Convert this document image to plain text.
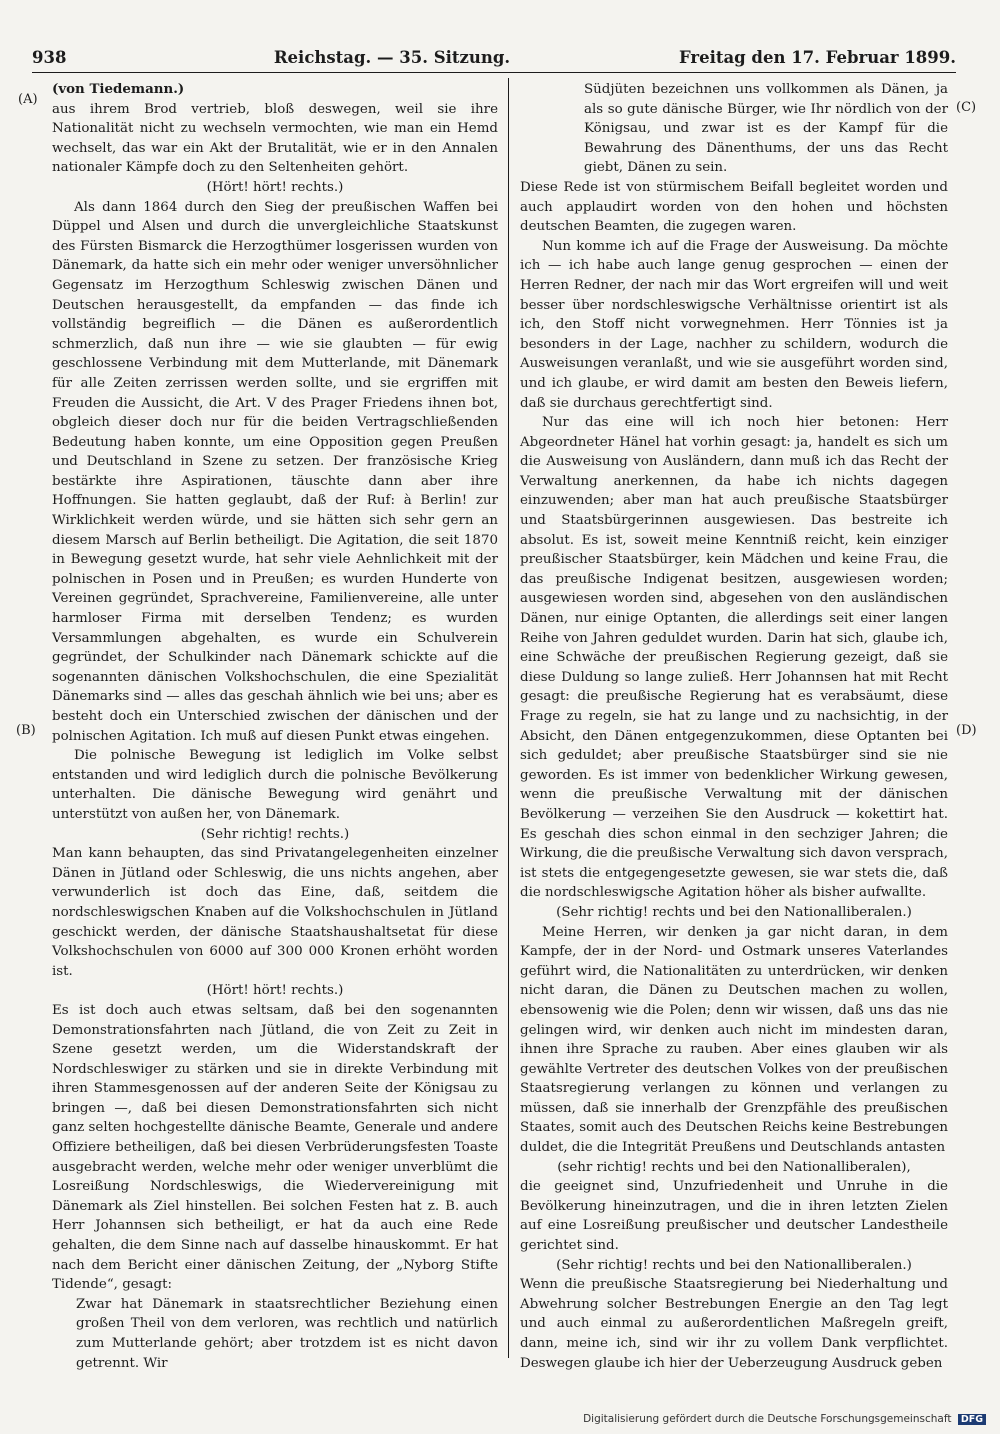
938	Reichstag. — 35. Sitzung.	Freitag den 17. Februar 1899.
(A)
(B)
(C)
(D)

(von Tiedemann.)

aus ihrem Brod vertrieb, bloß deswegen, weil sie ihre Nationalität nicht zu wechseln vermochten, wie man ein Hemd wechselt, das war ein Akt der Brutalität, wie er in den Annalen nationaler Kämpfe doch zu den Seltenheiten gehört.

(Hört! hört! rechts.)

Als dann 1864 durch den Sieg der preußischen Waffen bei Düppel und Alsen und durch die unvergleichliche Staatskunst des Fürsten Bismarck die Herzogthümer losgerissen wurden von Dänemark, da hatte sich ein mehr oder weniger unversöhnlicher Gegensatz im Herzogthum Schleswig zwischen Dänen und Deutschen herausgestellt, da empfanden — das finde ich vollständig begreiflich — die Dänen es außerordentlich schmerzlich, daß nun ihre — wie sie glaubten — für ewig geschlossene Verbindung mit dem Mutterlande, mit Dänemark für alle Zeiten zerrissen werden sollte, und sie ergriffen mit Freuden die Aussicht, die Art. V des Prager Friedens ihnen bot, obgleich dieser doch nur für die beiden Vertragschließenden Bedeutung haben konnte, um eine Opposition gegen Preußen und Deutschland in Szene zu setzen. Der französische Krieg bestärkte ihre Aspirationen, täuschte dann aber ihre Hoffnungen. Sie hatten geglaubt, daß der Ruf: à Berlin! zur Wirklichkeit werden würde, und sie hätten sich sehr gern an diesem Marsch auf Berlin betheiligt. Die Agitation, die seit 1870 in Bewegung gesetzt wurde, hat sehr viele Aehnlichkeit mit der polnischen in Posen und in Preußen; es wurden Hunderte von Vereinen gegründet, Sprachvereine, Familienvereine, alle unter harmloser Firma mit derselben Tendenz; es wurden Versammlungen abgehalten, es wurde ein Schulverein gegründet, der Schulkinder nach Dänemark schickte auf die sogenannten dänischen Volkshochschulen, die eine Spezialität Dänemarks sind — alles das geschah ähnlich wie bei uns; aber es besteht doch ein Unterschied zwischen der dänischen und der polnischen Agitation. Ich muß auf diesen Punkt etwas eingehen.

Die polnische Bewegung ist lediglich im Volke selbst entstanden und wird lediglich durch die polnische Bevölkerung unterhalten. Die dänische Bewegung wird genährt und unterstützt von außen her, von Dänemark.

(Sehr richtig! rechts.)

Man kann behaupten, das sind Privatangelegenheiten einzelner Dänen in Jütland oder Schleswig, die uns nichts angehen, aber verwunderlich ist doch das Eine, daß, seitdem die nordschleswigschen Knaben auf die Volkshochschulen in Jütland geschickt werden, der dänische Staatshaushaltsetat für diese Volkshochschulen von 6000 auf 300 000 Kronen erhöht worden ist.

(Hört! hört! rechts.)

Es ist doch auch etwas seltsam, daß bei den sogenannten Demonstrationsfahrten nach Jütland, die von Zeit zu Zeit in Szene gesetzt werden, um die Widerstandskraft der Nordschleswiger zu stärken und sie in direkte Verbindung mit ihren Stammesgenossen auf der anderen Seite der Königsau zu bringen —, daß bei diesen Demonstrationsfahrten sich nicht ganz selten hochgestellte dänische Beamte, Generale und andere Offiziere betheiligen, daß bei diesen Verbrüderungsfesten Toaste ausgebracht werden, welche mehr oder weniger unverblümt die Losreißung Nordschleswigs, die Wiedervereinigung mit Dänemark als Ziel hinstellen. Bei solchen Festen hat z. B. auch Herr Johannsen sich betheiligt, er hat da auch eine Rede gehalten, die dem Sinne nach auf dasselbe hinauskommt. Er hat nach dem Bericht einer dänischen Zeitung, der „Nyborg Stifte Tidende“, gesagt:

Zwar hat Dänemark in staatsrechtlicher Beziehung einen großen Theil von dem verloren, was rechtlich und natürlich zum Mutterlande gehört; aber trotzdem ist es nicht davon getrennt. Wir

Südjüten bezeichnen uns vollkommen als Dänen, ja als so gute dänische Bürger, wie Ihr nördlich von der Königsau, und zwar ist es der Kampf für die Bewahrung des Dänenthums, der uns das Recht giebt, Dänen zu sein.

Diese Rede ist von stürmischem Beifall begleitet worden und auch applaudirt worden von den hohen und höchsten deutschen Beamten, die zugegen waren.

Nun komme ich auf die Frage der Ausweisung. Da möchte ich — ich habe auch lange genug gesprochen — einen der Herren Redner, der nach mir das Wort ergreifen will und weit besser über nordschleswigsche Verhältnisse orientirt ist als ich, den Stoff nicht vorwegnehmen. Herr Tönnies ist ja besonders in der Lage, nachher zu schildern, wodurch die Ausweisungen veranlaßt, und wie sie ausgeführt worden sind, und ich glaube, er wird damit am besten den Beweis liefern, daß sie durchaus gerechtfertigt sind.

Nur das eine will ich noch hier betonen: Herr Abgeordneter Hänel hat vorhin gesagt: ja, handelt es sich um die Ausweisung von Ausländern, dann muß ich das Recht der Verwaltung anerkennen, da habe ich nichts dagegen einzuwenden; aber man hat auch preußische Staatsbürger und Staatsbürgerinnen ausgewiesen. Das bestreite ich absolut. Es ist, soweit meine Kenntniß reicht, kein einziger preußischer Staatsbürger, kein Mädchen und keine Frau, die das preußische Indigenat besitzen, ausgewiesen worden; ausgewiesen worden sind, abgesehen von den ausländischen Dänen, nur einige Optanten, die allerdings seit einer langen Reihe von Jahren geduldet wurden. Darin hat sich, glaube ich, eine Schwäche der preußischen Regierung gezeigt, daß sie diese Duldung so lange zuließ. Herr Johannsen hat mit Recht gesagt: die preußische Regierung hat es verabsäumt, diese Frage zu regeln, sie hat zu lange und zu nachsichtig, in der Absicht, den Dänen entgegenzukommen, diese Optanten bei sich geduldet; aber preußische Staatsbürger sind sie nie geworden. Es ist immer von bedenklicher Wirkung gewesen, wenn die preußische Verwaltung mit der dänischen Bevölkerung — verzeihen Sie den Ausdruck — kokettirt hat. Es geschah dies schon einmal in den sechziger Jahren; die Wirkung, die die preußische Verwaltung sich davon versprach, ist stets die entgegengesetzte gewesen, sie war stets die, daß die nordschleswigsche Agitation höher als bisher aufwallte.

(Sehr richtig! rechts und bei den Nationalliberalen.)

Meine Herren, wir denken ja gar nicht daran, in dem Kampfe, der in der Nord- und Ostmark unseres Vaterlandes geführt wird, die Nationalitäten zu unterdrücken, wir denken nicht daran, die Dänen zu Deutschen machen zu wollen, ebensowenig wie die Polen; denn wir wissen, daß uns das nie gelingen wird, wir denken auch nicht im mindesten daran, ihnen ihre Sprache zu rauben. Aber eines glauben wir als gewählte Vertreter des deutschen Volkes von der preußischen Staatsregierung verlangen zu können und verlangen zu müssen, daß sie innerhalb der Grenzpfähle des preußischen Staates, somit auch des Deutschen Reichs keine Bestrebungen duldet, die die Integrität Preußens und Deutschlands antasten

(sehr richtig! rechts und bei den Nationalliberalen),

die geeignet sind, Unzufriedenheit und Unruhe in die Bevölkerung hineinzutragen, und die in ihren letzten Zielen auf eine Losreißung preußischer und deutscher Landestheile gerichtet sind.

(Sehr richtig! rechts und bei den Nationalliberalen.)

Wenn die preußische Staatsregierung bei Niederhaltung und Abwehrung solcher Bestrebungen Energie an den Tag legt und auch einmal zu außerordentlichen Maßregeln greift, dann, meine ich, sind wir ihr zu vollem Dank verpflichtet. Deswegen glaube ich hier der Ueberzeugung Ausdruck geben

Digitalisierung gefördert durch die Deutsche Forschungsgemeinschaft DFG
